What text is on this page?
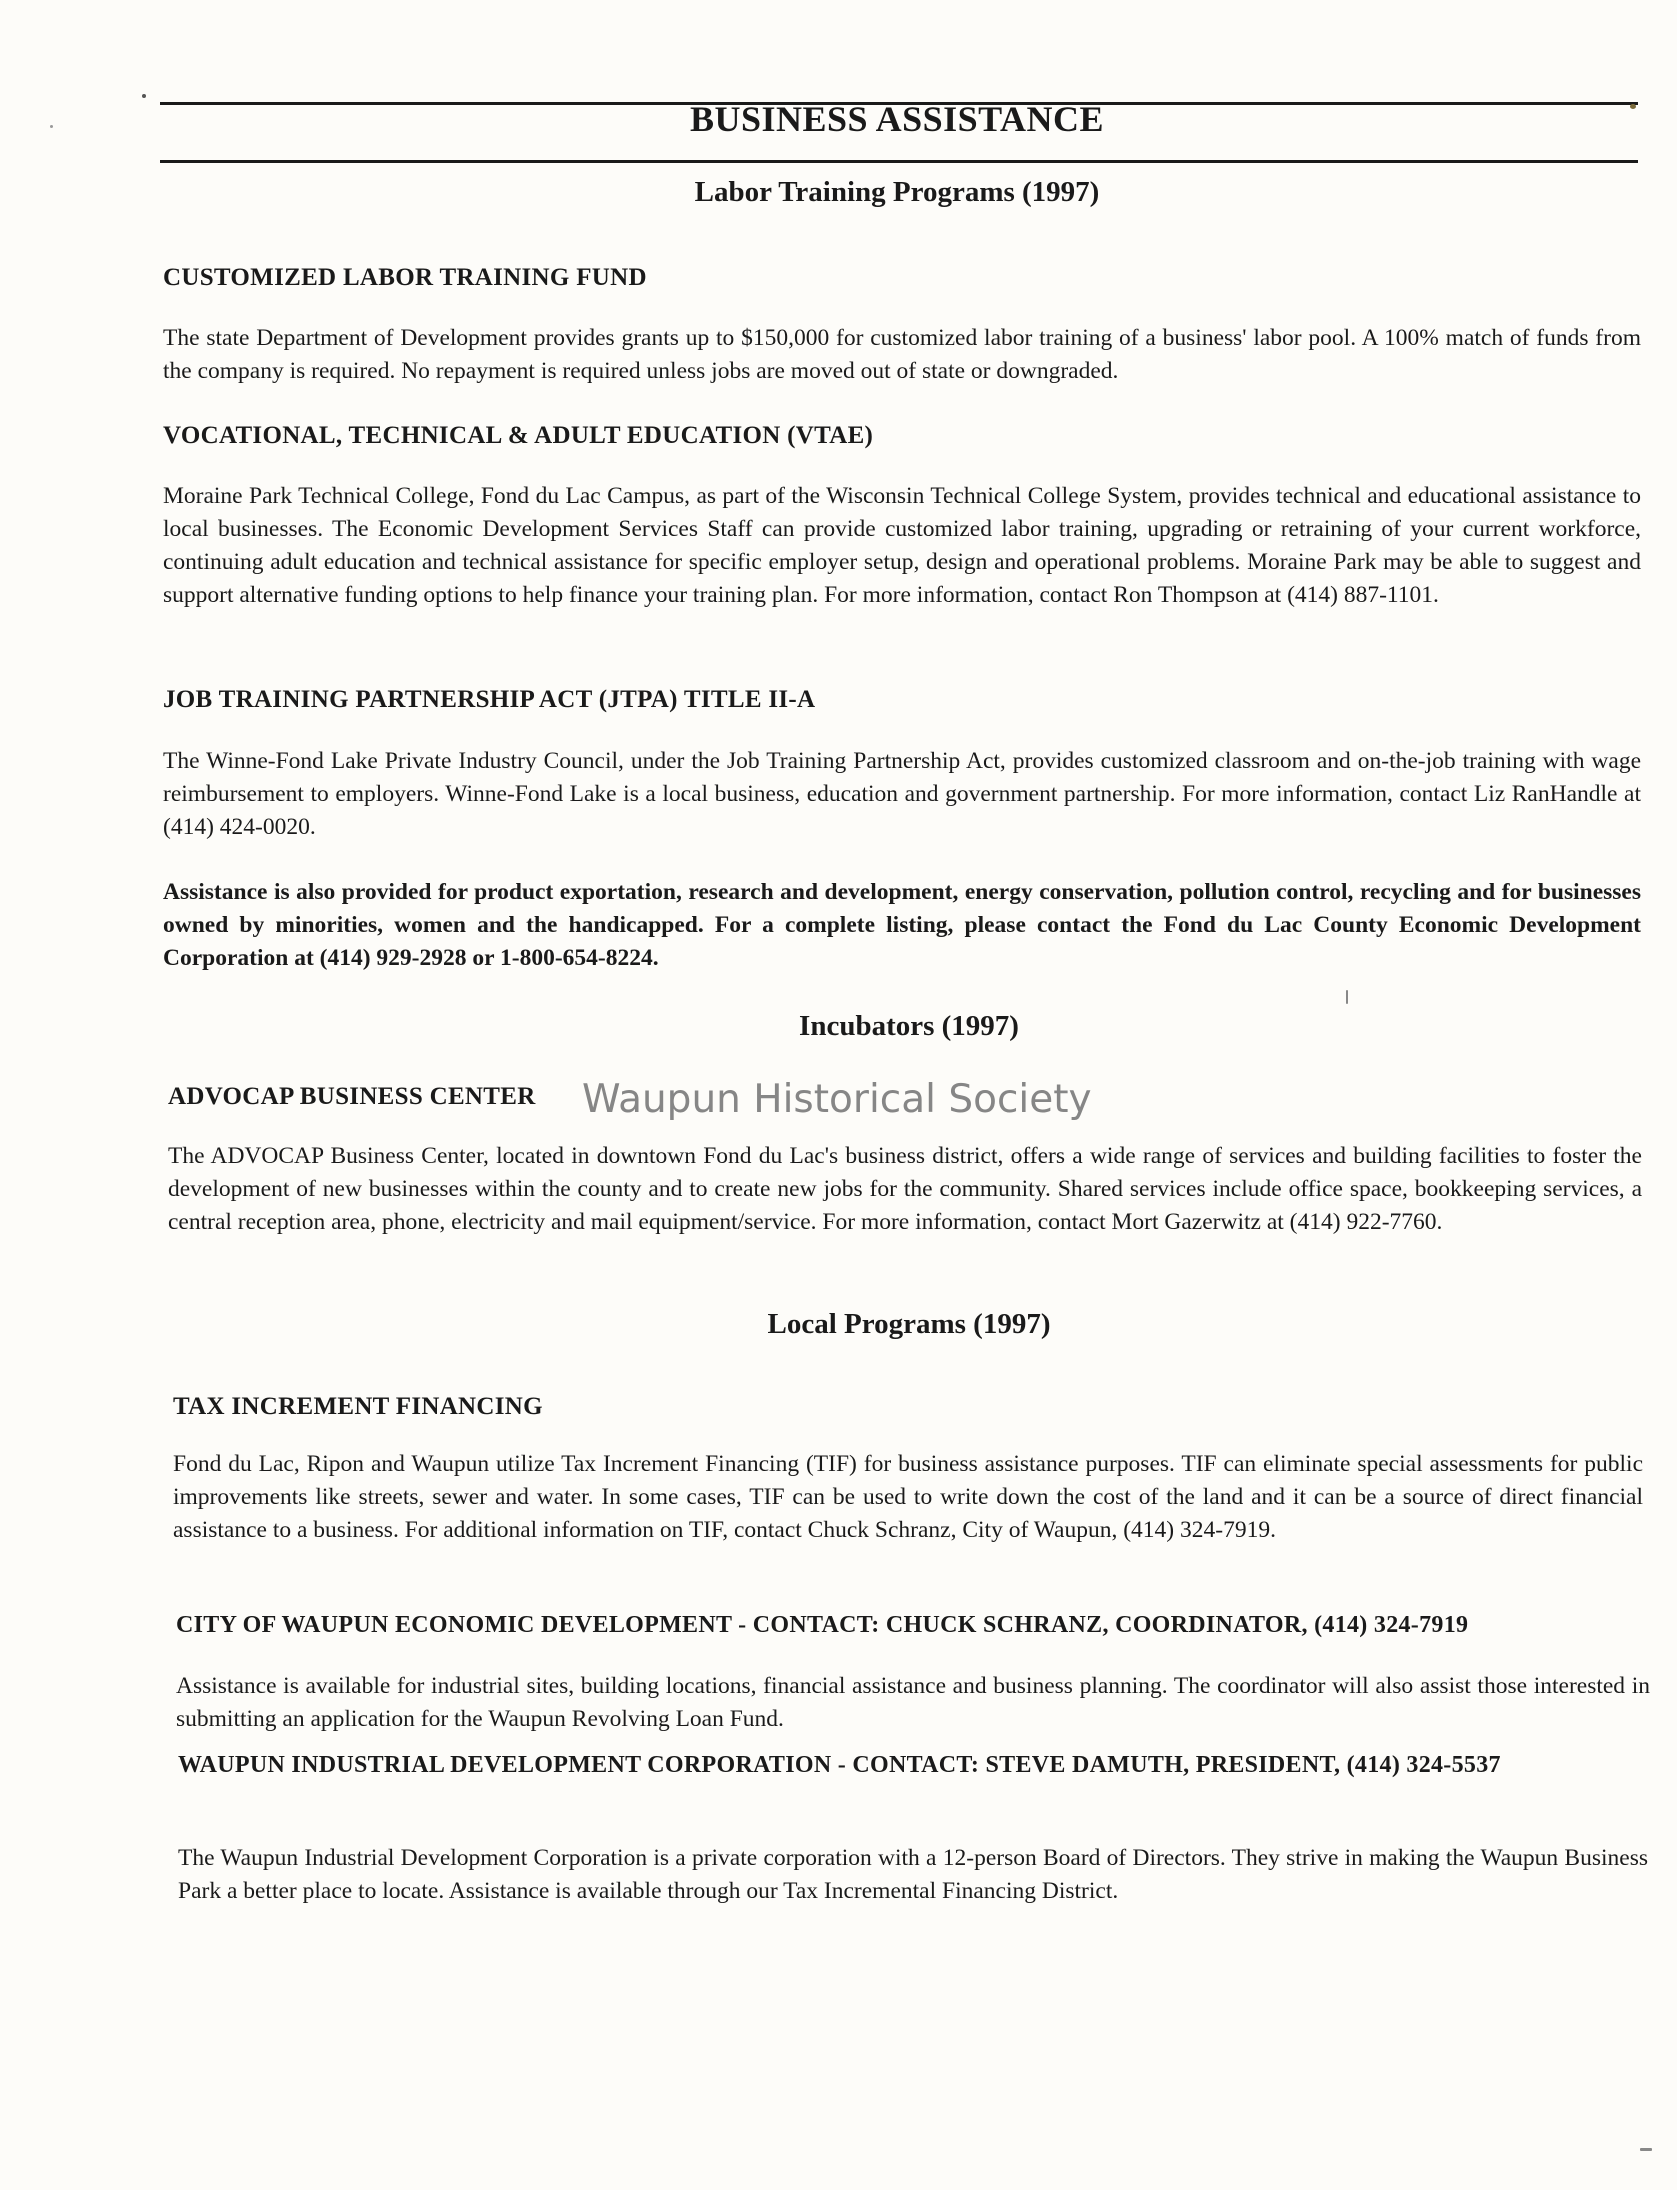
BUSINESS ASSISTANCE
Labor Training Programs (1997)
CUSTOMIZED LABOR TRAINING FUND
The state Department of Development provides grants up to $150,000 for customized labor training of a business' labor pool. A 100% match of funds from the company is required. No repayment is required unless jobs are moved out of state or downgraded.
VOCATIONAL, TECHNICAL & ADULT EDUCATION (VTAE)
Moraine Park Technical College, Fond du Lac Campus, as part of the Wisconsin Technical College System, provides technical and educational assistance to local businesses. The Economic Development Services Staff can provide customized labor training, upgrading or retraining of your current workforce, continuing adult education and technical assistance for specific employer setup, design and operational problems. Moraine Park may be able to suggest and support alternative funding options to help finance your training plan. For more information, contact Ron Thompson at (414) 887-1101.
JOB TRAINING PARTNERSHIP ACT (JTPA) TITLE II-A
The Winne-Fond Lake Private Industry Council, under the Job Training Partnership Act, provides customized classroom and on-the-job training with wage reimbursement to employers. Winne-Fond Lake is a local business, education and government partnership. For more information, contact Liz RanHandle at (414) 424-0020.
Assistance is also provided for product exportation, research and development, energy conservation, pollution control, recycling and for businesses owned by minorities, women and the handicapped. For a complete listing, please contact the Fond du Lac County Economic Development Corporation at (414) 929-2928 or 1-800-654-8224.
Incubators (1997)
ADVOCAP BUSINESS CENTER Waupun Historical Society
The ADVOCAP Business Center, located in downtown Fond du Lac's business district, offers a wide range of services and building facilities to foster the development of new businesses within the county and to create new jobs for the community. Shared services include office space, bookkeeping services, a central reception area, phone, electricity and mail equipment/service. For more information, contact Mort Gazerwitz at (414) 922-7760.
Local Programs (1997)
TAX INCREMENT FINANCING
Fond du Lac, Ripon and Waupun utilize Tax Increment Financing (TIF) for business assistance purposes. TIF can eliminate special assessments for public improvements like streets, sewer and water. In some cases, TIF can be used to write down the cost of the land and it can be a source of direct financial assistance to a business. For additional information on TIF, contact Chuck Schranz, City of Waupun, (414) 324-7919.
CITY OF WAUPUN ECONOMIC DEVELOPMENT - CONTACT: CHUCK SCHRANZ, COORDINATOR, (414) 324-7919
Assistance is available for industrial sites, building locations, financial assistance and business planning. The coordinator will also assist those interested in submitting an application for the Waupun Revolving Loan Fund.
WAUPUN INDUSTRIAL DEVELOPMENT CORPORATION - CONTACT: STEVE DAMUTH, PRESIDENT, (414) 324-5537
The Waupun Industrial Development Corporation is a private corporation with a 12-person Board of Directors. They strive in making the Waupun Business Park a better place to locate. Assistance is available through our Tax Incremental Financing District.
